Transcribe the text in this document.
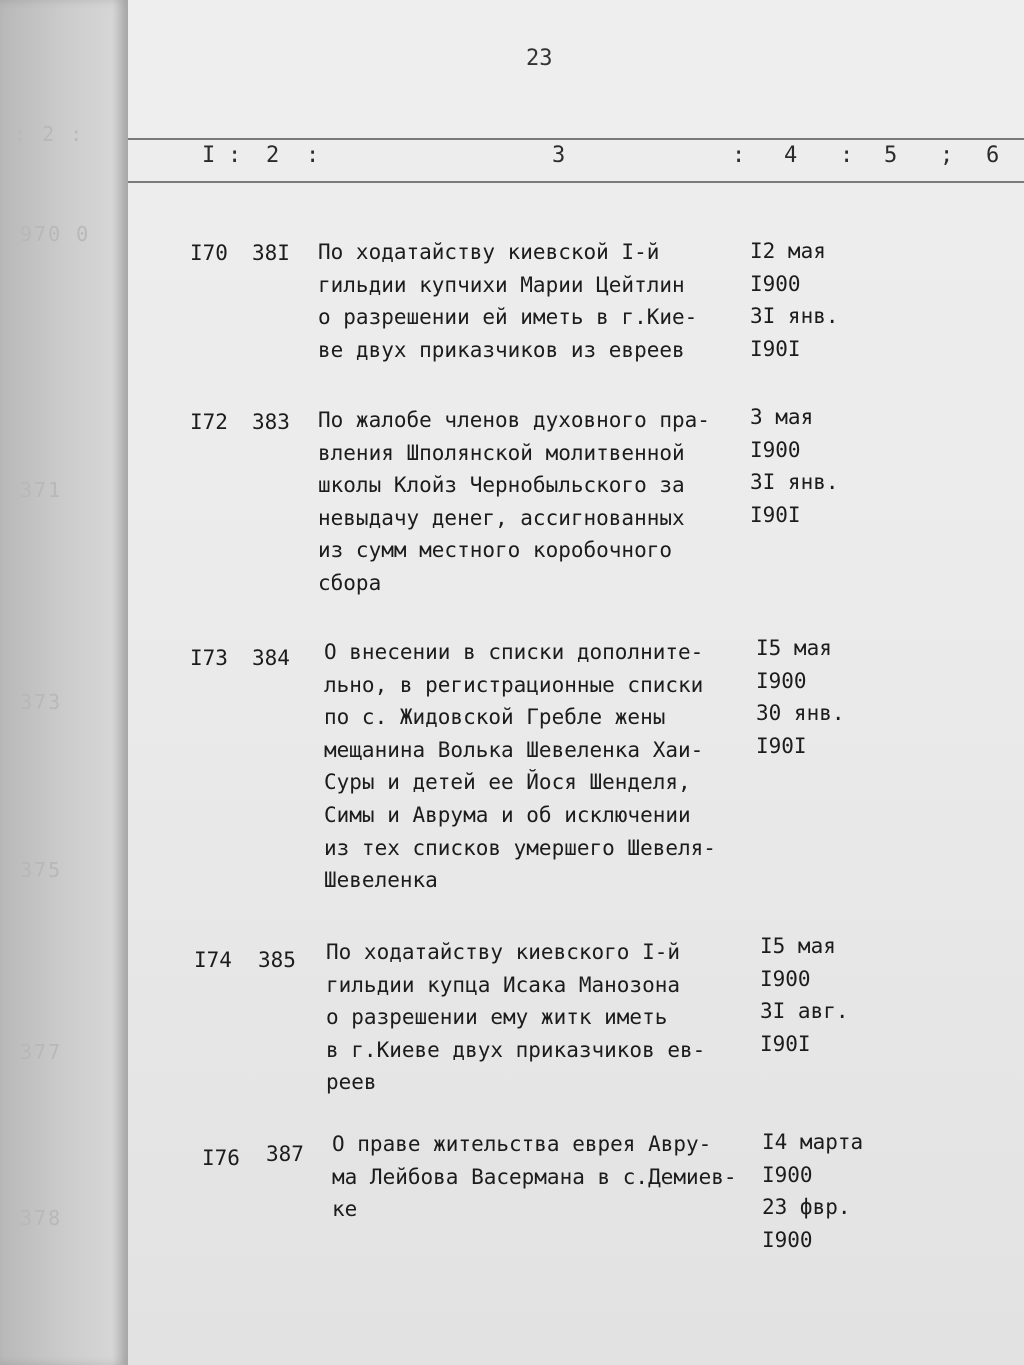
: 2 :
970 0
371
373
375
377
378
23
I : 2 :	3	: 4 : 5 ; 6

I70 38I По ходатайству киевской I-й
гильдии купчихи Марии Цейтлин
о разрешении ей иметь в г.Кие-
ве двух приказчиков из евреев
I2 мая
I900
3I янв.
I90I
I72 383 По жалобе членов духовного пра-
вления Шполянской молитвенной
школы Клойз Чернобыльского за
невыдачу денег, ассигнованных
из сумм местного коробочного
сбора
3 мая
I900
3I янв.
I90I
I73 384 О внесении в списки дополните-
льно, в регистрационные списки
по с. Жидовской Гребле жены
мещанина Волька Шевеленка Хаи-
Суры и детей ее Йося Шенделя,
Симы и Аврума и об исключении
из тех списков умершего Шевеля-
Шевеленка
I5 мая
I900
30 янв.
I90I
I74 385 По ходатайству киевского I-й
гильдии купца Исака Манозона
о разрешении ему житк иметь
в г.Киеве двух приказчиков ев-
реев
I5 мая
I900
3I авг.
I90I
I76 387 О праве жительства еврея Авру-
ма Лейбова Васермана в с.Демиев-
ке
I4 марта
I900
23 фвр.
I900
